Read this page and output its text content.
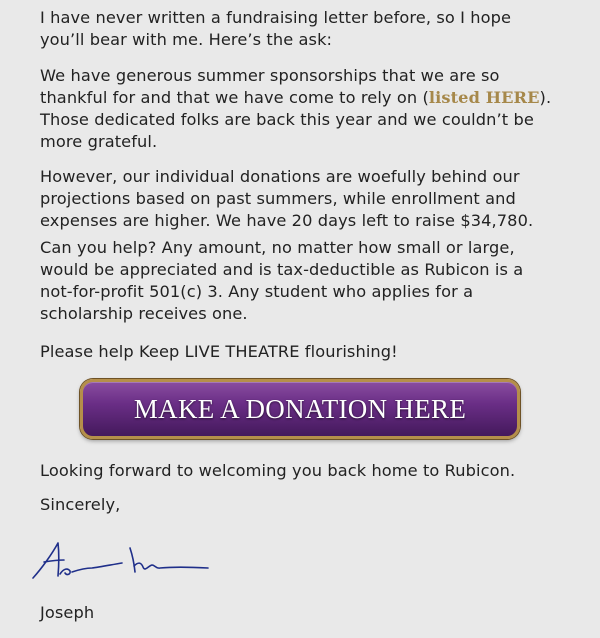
I have never written a fundraising letter before, so I hope you’ll bear with me. Here’s the ask:

We have generous summer sponsorships that we are so thankful for and that we have come to rely on (listed HERE). Those dedicated folks are back this year and we couldn’t be more grateful.

However, our individual donations are woefully behind our projections based on past summers, while enrollment and expenses are higher. We have 20 days left to raise $34,780.

Can you help? Any amount, no matter how small or large, would be appreciated and is tax-deductible as Rubicon is a not-for-profit 501(c) 3. Any student who applies for a scholarship receives one.

Please help Keep LIVE THEATRE flourishing!

MAKE A DONATION HERE

Looking forward to welcoming you back home to Rubicon.

Sincerely,

Joseph
